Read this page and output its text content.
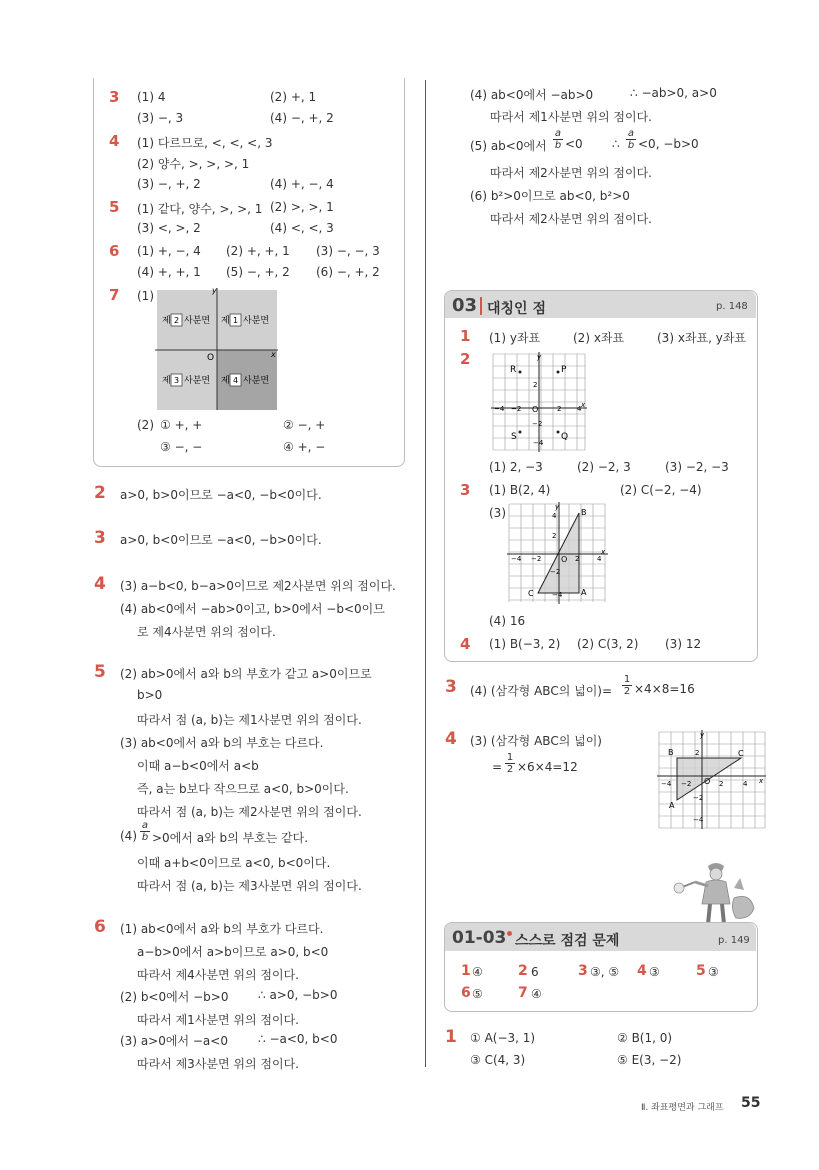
3 (1) 4	(2) +, 1
(3) −, 3	(4) −, +, 2
4 (1) 다르므로, <, <, <, 3
(2) 양수, >, >, >, 1
(3) −, +, 2	(4) +, −, 4
5 (1) 같다, 양수, >, >, 1 (2) >, >, 1
(3) <, >, 2	(4) <, <, 3
6 (1) +, −, 4 (2) +, +, 1 (3) −, −, 3
(4) +, +, 1 (5) −, +, 2 (6) −, +, 2
7 (1)	y
x
O
제 2 사분면 제 1 사분면
제 3 사분면 제 4 사분면
(2) ① +, +	② −, +
③ −, −	④ +, −
2 a>0, b>0이므로 −a<0, −b<0이다.
3 a>0, b<0이므로 −a<0, −b>0이다.
4 (3) a−b<0, b−a>0이므로 제2사분면 위의 점이다.
(4) ab<0에서 −ab>0이고, b>0에서 −b<0이므
로 제4사분면 위의 점이다.
5 (2) ab>0에서 a와 b의 부호가 같고 a>0이므로
b>0
따라서 점 (a, b)는 제1사분면 위의 점이다.
(3) ab<0에서 a와 b의 부호는 다르다.
이때 a−b<0에서 a<b
즉, a는 b보다 작으므로 a<0, b>0이다.
따라서 점 (a, b)는 제2사분면 위의 점이다.
$(4) \frac{a}{b} >0$에서 a와 b의 부호는 같다.
이때 a+b<0이므로 a<0, b<0이다.
따라서 점 (a, b)는 제3사분면 위의 점이다.
6 (1) ab<0에서 a와 b의 부호가 다르다.
a−b>0에서 a>b이므로 a>0, b<0
따라서 제4사분면 위의 점이다.
(2) b<0에서 −b>0 ∴ a>0, −b>0
따라서 제1사분면 위의 점이다.
(3) a>0에서 −a<0	∴ −a<0, b<0
따라서 제3사분면 위의 점이다.
(4) ab<0에서 −ab>0	∴ −ab>0, a>0
따라서 제1사분면 위의 점이다.
(5) ab<0에서 $\frac{a}{b} <0$ ∴ $\frac{a}{b} <0$, −b>0
따라서 제2사분면 위의 점이다.
(6) b²>0이므로 ab<0, b²>0
따라서 제2사분면 위의 점이다.
03 대칭인 점	p. 148
1 (1) y좌표	(2) x좌표	(3) x좌표, y좌표
2	y
x
O
−4 −2	2 4
2
−2
−4
R	P
S	Q
(1) 2, −3	(2) −2, 3	(3) −2, −3
3 (1) B(2, 4)	(2) C(−2, −4)
(3)	y
x
O
−4 −2	2	4
4
2
−2
−4
B
A
C
(4) 16
4 (1) B(−3, 2) (2) C(3, 2) (3) 12
3 (4) (삼각형 ABC의 넓이)= $\frac{1}{2} \times 4\times 8=16$
4 (3) (삼각형 ABC의 넓이)
= $\frac{1}{2} \times 6\times 4=12$
y
x
O
−4 −2	2	4
2
−2
−4
B	C
A
01-03 스스로 점검 문제	p. 149
1 ④	2 6	3 ③, ⑤ 4 ③	5 ③
6 ⑤	7 ④
1 ① A(−3, 1)	② B(1, 0)
③ C(4, 3)	⑤ E(3, −2)
Ⅱ. 좌표평면과 그래프 55
